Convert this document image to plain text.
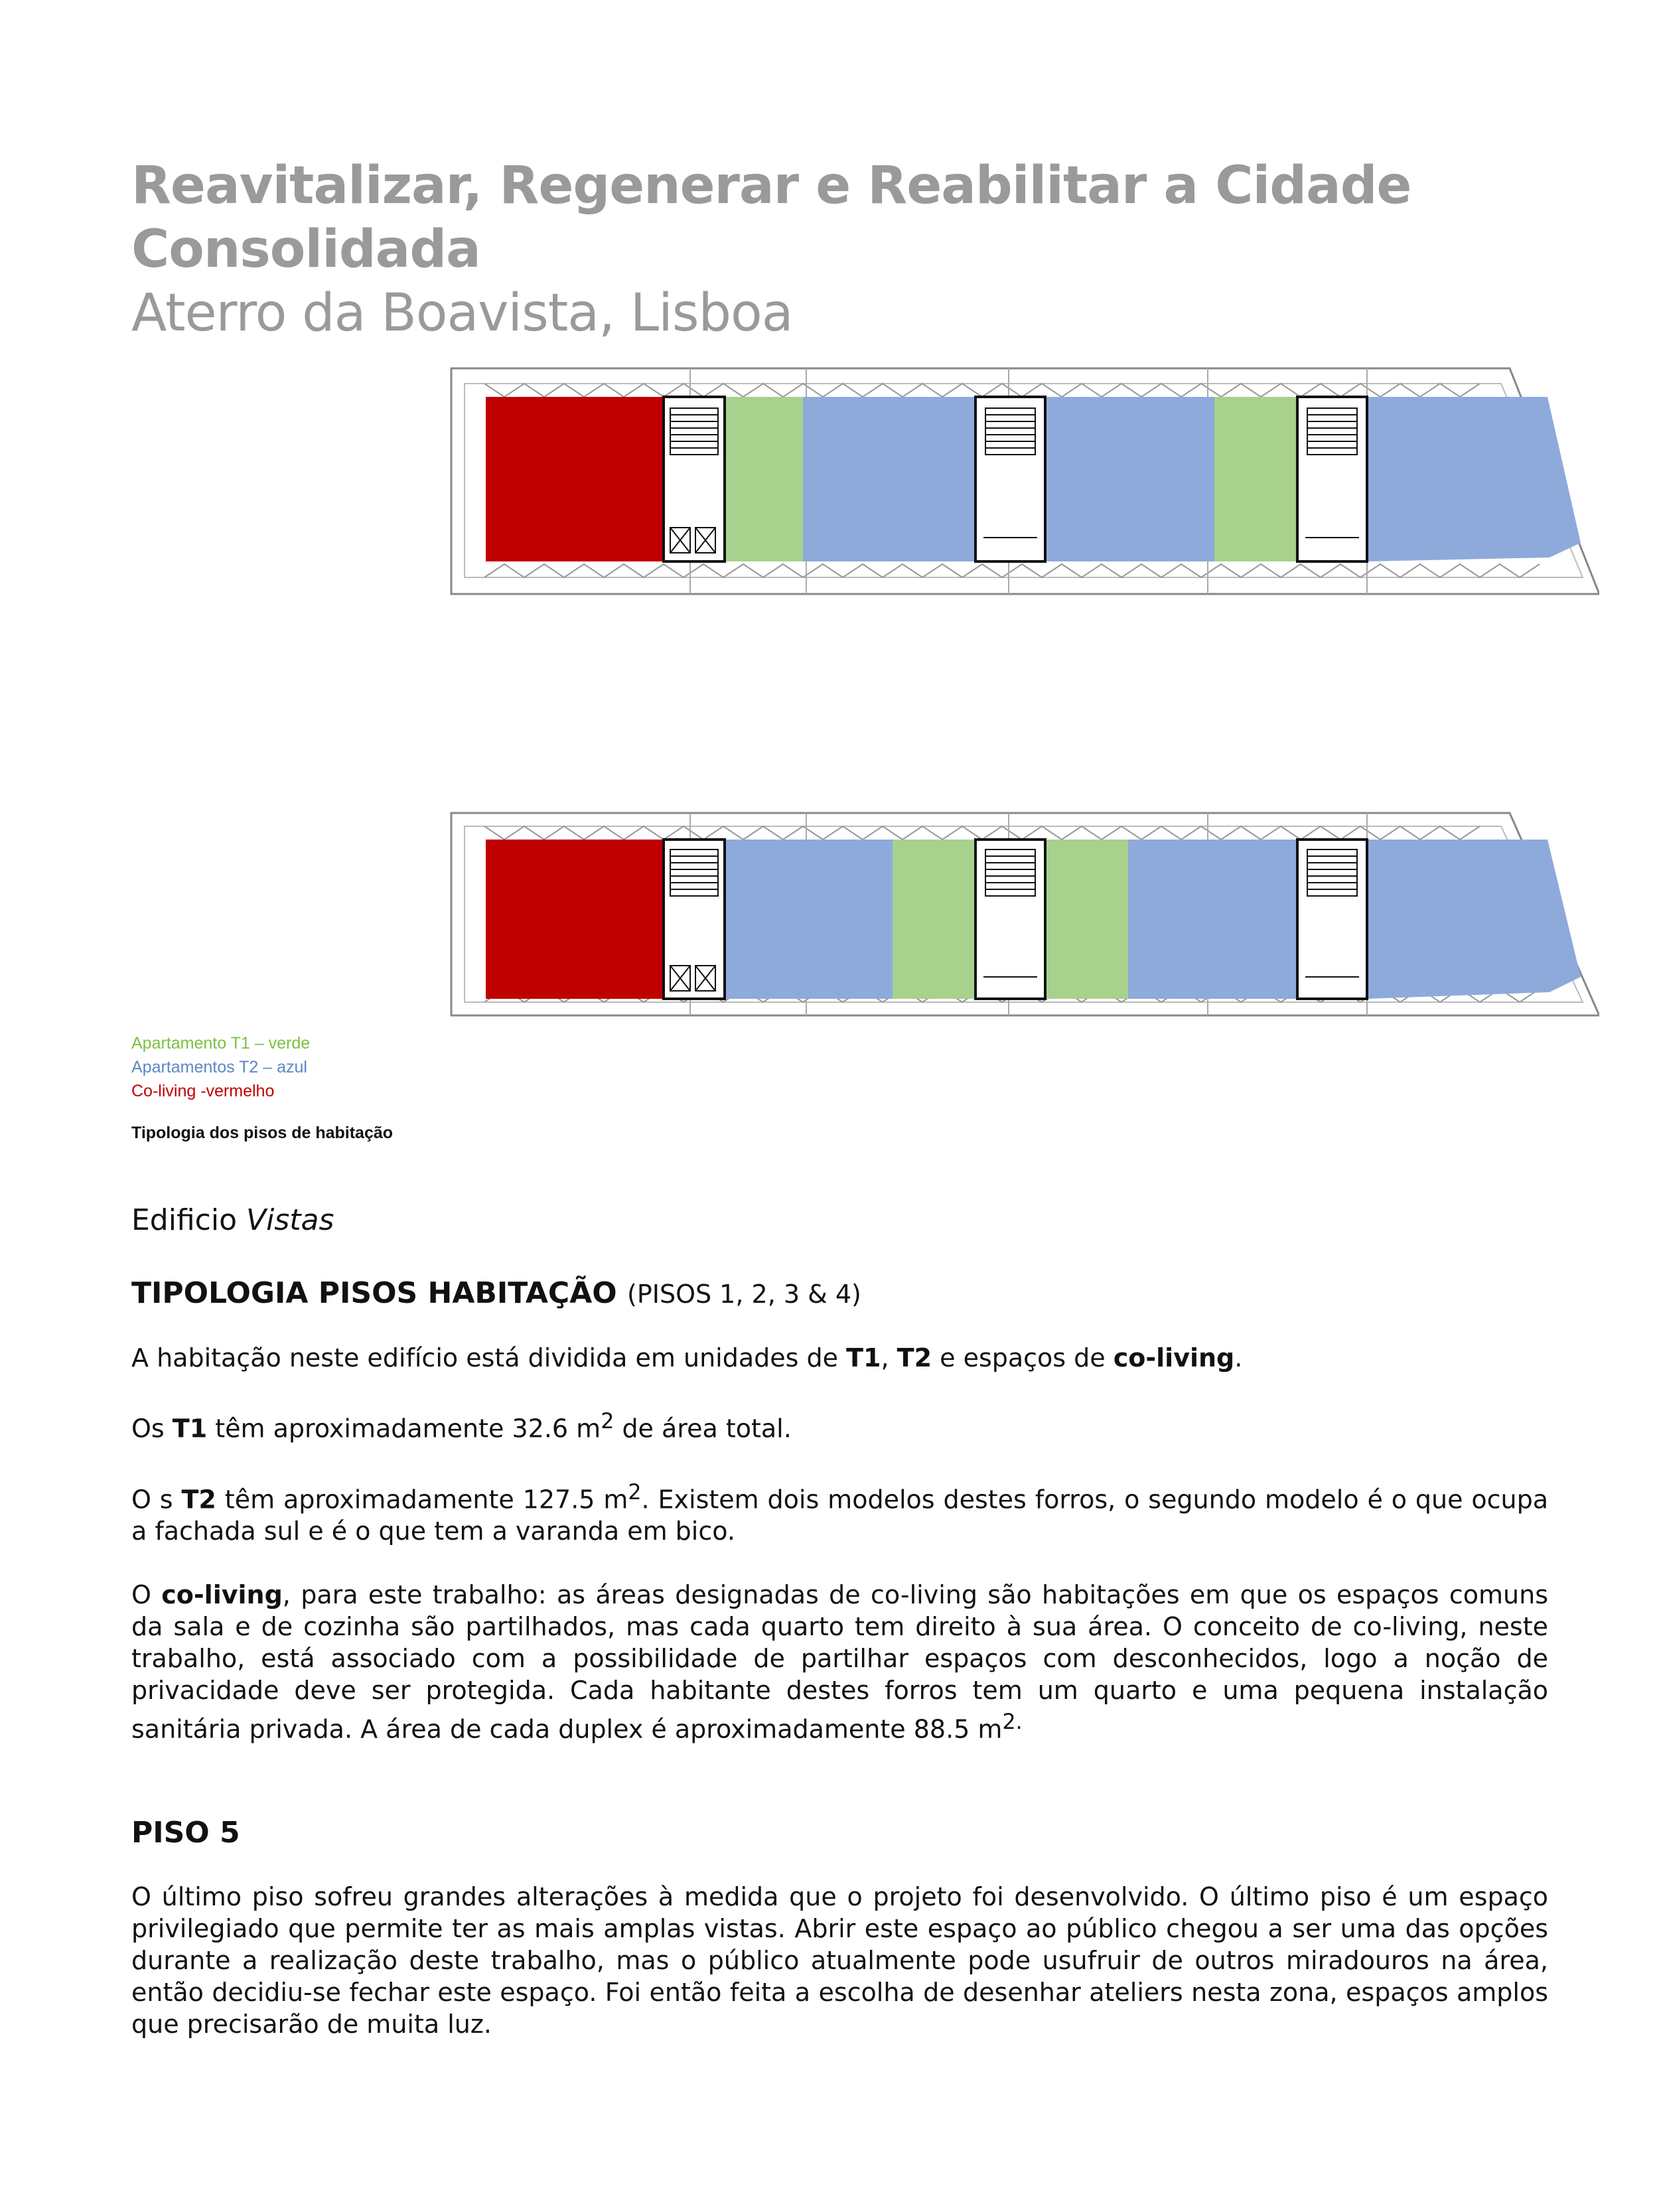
Reavitalizar, Regenerar e Reabilitar a Cidade Consolidada
Aterro da Boavista, Lisboa
Apartamento T1 – verde
Apartamentos T2 – azul
Co-living -vermelho
Tipologia dos pisos de habitação
Edificio Vistas
TIPOLOGIA PISOS HABITAÇÃO (PISOS 1, 2, 3 & 4)

A habitação neste edifício está dividida em unidades de T1, T2 e espaços de co-living.

Os T1 têm aproximadamente 32.6 $m^2$ de área total.

O s T2 têm aproximadamente 127.5 $m^2$. Existem dois modelos destes forros, o segundo modelo é o que ocupa a fachada sul e é o que tem a varanda em bico.

O co-living, para este trabalho: as áreas designadas de co-living são habitações em que os espaços comuns da sala e de cozinha são partilhados, mas cada quarto tem direito à sua área. O conceito de co-living, neste trabalho, está associado com a possibilidade de partilhar espaços com desconhecidos, logo a noção de privacidade deve ser protegida. Cada habitante destes forros tem um quarto e uma pequena instalação sanitária privada. A área de cada duplex é aproximadamente 88.5 $m^{2.}$

PISO 5

O último piso sofreu grandes alterações à medida que o projeto foi desenvolvido. O último piso é um espaço privilegiado que permite ter as mais amplas vistas. Abrir este espaço ao público chegou a ser uma das opções durante a realização deste trabalho, mas o público atualmente pode usufruir de outros miradouros na área, então decidiu-se fechar este espaço. Foi então feita a escolha de desenhar ateliers nesta zona, espaços amplos que precisarão de muita luz.
